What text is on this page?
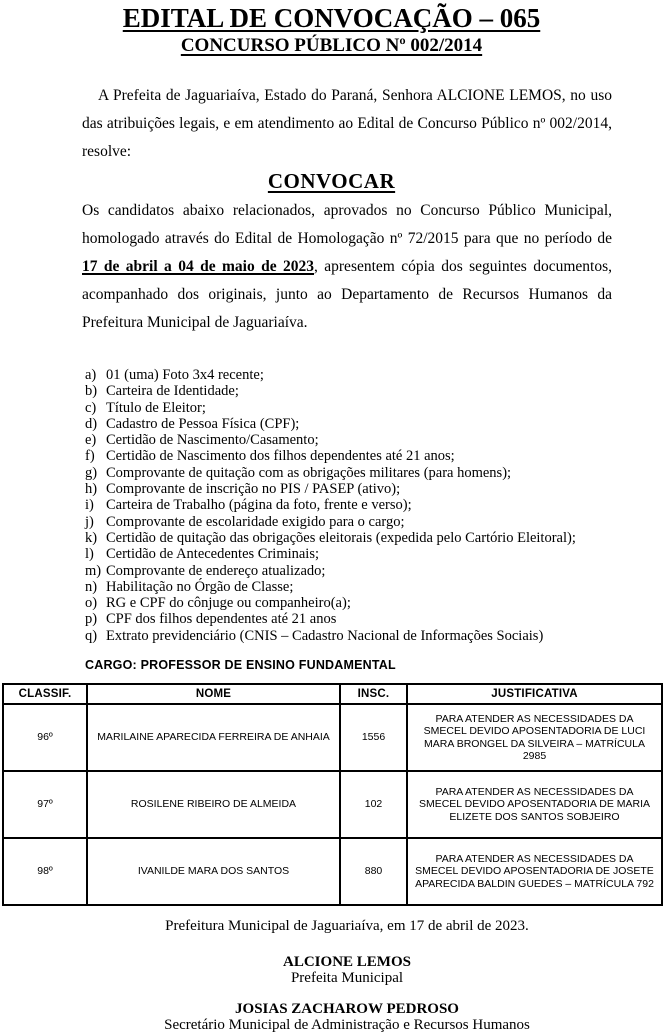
EDITAL DE CONVOCAÇÃO – 065
CONCURSO PÚBLICO Nº 002/2014

A Prefeita de Jaguariaíva, Estado do Paraná, Senhora ALCIONE LEMOS, no uso das atribuições legais, e em atendimento ao Edital de Concurso Público nº 002/2014, resolve:

CONVOCAR

Os candidatos abaixo relacionados, aprovados no Concurso Público Municipal, homologado através do Edital de Homologação nº 72/2015 para que no período de 17 de abril a 04 de maio de 2023, apresentem cópia dos seguintes documentos, acompanhado dos originais, junto ao Departamento de Recursos Humanos da Prefeitura Municipal de Jaguariaíva.

a) 01 (uma) Foto 3x4 recente;
b) Carteira de Identidade;
c) Título de Eleitor;
d) Cadastro de Pessoa Física (CPF);
e) Certidão de Nascimento/Casamento;
f) Certidão de Nascimento dos filhos dependentes até 21 anos;
g) Comprovante de quitação com as obrigações militares (para homens);
h) Comprovante de inscrição no PIS / PASEP (ativo);
i) Carteira de Trabalho (página da foto, frente e verso);
j) Comprovante de escolaridade exigido para o cargo;
k) Certidão de quitação das obrigações eleitorais (expedida pelo Cartório Eleitoral);
l) Certidão de Antecedentes Criminais;
m) Comprovante de endereço atualizado;
n) Habilitação no Órgão de Classe;
o) RG e CPF do cônjuge ou companheiro(a);
p) CPF dos filhos dependentes até 21 anos
q) Extrato previdenciário (CNIS – Cadastro Nacional de Informações Sociais)

CARGO: PROFESSOR DE ENSINO FUNDAMENTAL

CLASSIF.	NOME	INSC.	JUSTIFICATIVA
96º	MARILAINE APARECIDA FERREIRA DE ANHAIA	1556	PARA ATENDER AS NECESSIDADES DA SMECEL DEVIDO APOSENTADORIA DE LUCI MARA BRONGEL DA SILVEIRA – MATRÍCULA 2985
97º	ROSILENE RIBEIRO DE ALMEIDA	102	PARA ATENDER AS NECESSIDADES DA SMECEL DEVIDO APOSENTADORIA DE MARIA ELIZETE DOS SANTOS SOBJEIRO
98º	IVANILDE MARA DOS SANTOS	880	PARA ATENDER AS NECESSIDADES DA SMECEL DEVIDO APOSENTADORIA DE JOSETE APARECIDA BALDIN GUEDES – MATRÍCULA 792

Prefeitura Municipal de Jaguariaíva, em 17 de abril de 2023.

ALCIONE LEMOS

Prefeita Municipal

JOSIAS ZACHAROW PEDROSO

Secretário Municipal de Administração e Recursos Humanos
